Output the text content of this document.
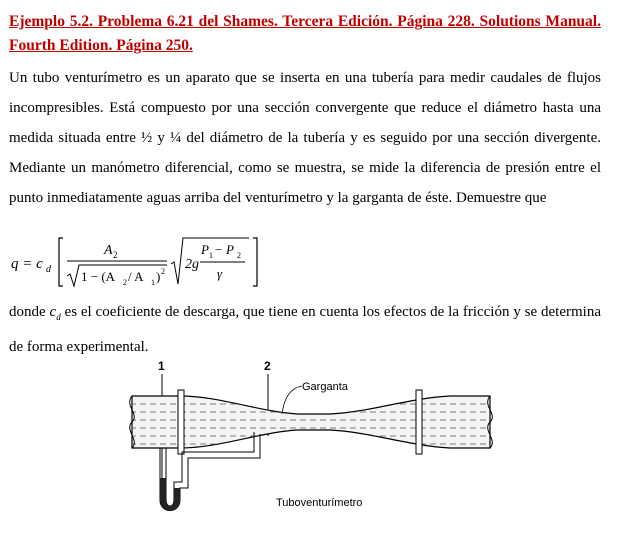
Ejemplo 5.2. Problema 6.21 del Shames. Tercera Edición. Página 228. Solutions Manual. Fourth Edition. Página 250.

Un tubo venturímetro es un aparato que se inserta en una tubería para medir caudales de flujos incompresibles. Está compuesto por una sección convergente que reduce el diámetro hasta una medida situada entre ½ y ¼ del diámetro de la tubería y es seguido por una sección divergente. Mediante un manómetro diferencial, como se muestra, se mide la diferencia de presión entre el punto inmediatamente aguas arriba del venturímetro y la garganta de éste. Demuestre que

q = c d
A 2
1 − (A 2 / A 1 ) 2 2g
P 1 − P 2
γ

donde $c_d$ es el coeficiente de descarga, que tiene en cuenta los efectos de la fricción y se determina de forma experimental.

1	2
Garganta
Tuboventurímetro
